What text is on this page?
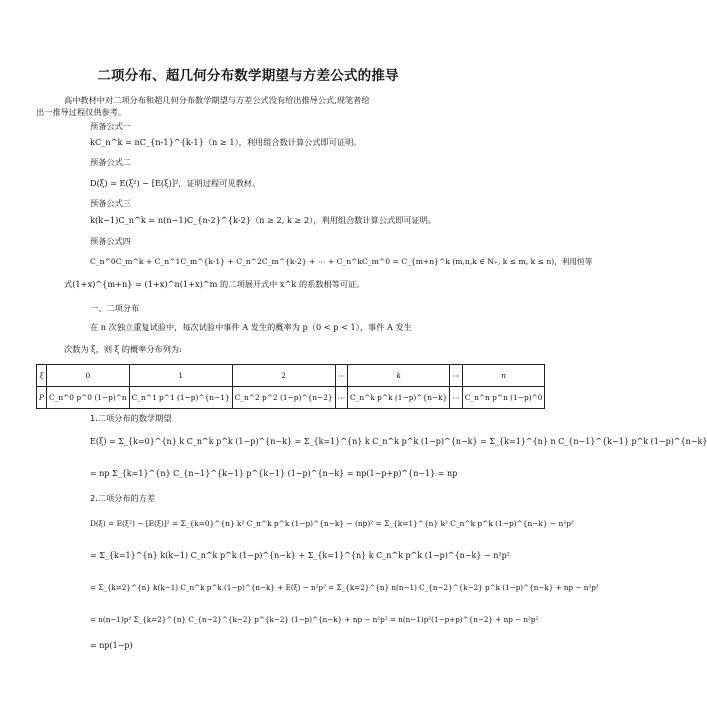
二项分布、超几何分布数学期望与方差公式的推导
高中教材中对二项分布和超几何分布数学期望与方差公式没有给出推导公式,现笔者给
出一推导过程仅供参考。
预备公式一
kC_n^k = nC_{n-1}^{k-1}（n ≥ 1），利用组合数计算公式即可证明。
预备公式二
D(ξ) = E(ξ²) − [E(ξ)]²，证明过程可见教材。
预备公式三
k(k−1)C_n^k = n(n−1)C_{n-2}^{k-2}（n ≥ 2, k ≥ 2），利用组合数计算公式即可证明。
预备公式四
C_n^0C_m^k + C_n^1C_m^{k-1} + C_n^2C_m^{k-2} + ⋯ + C_n^kC_m^0 = C_{m+n}^k (m,n,k ∈ N₊, k ≤ m, k ≤ n)，利用恒等
式(1+x)^{m+n} = (1+x)^n(1+x)^m 的二项展开式中 x^k 的系数相等可证。
一、二项分布
在 n 次独立重复试验中，每次试验中事件 A 发生的概率为 p（0 < p < 1），事件 A 发生
次数为 ξ，则 ξ 的概率分布列为:
ξ	0	1	2	⋯	k	⋯	n
P	C_n^0 p^0 (1−p)^n	C_n^1 p^1 (1−p)^{n−1}	C_n^2 p^2 (1−p)^{n−2}	⋯	C_n^k p^k (1−p)^{n−k}	⋯	C_n^n p^n (1−p)^0
1.二项分布的数学期望
E(ξ) = Σ_{k=0}^{n} k C_n^k p^k (1−p)^{n−k} = Σ_{k=1}^{n} k C_n^k p^k (1−p)^{n−k} = Σ_{k=1}^{n} n C_{n−1}^{k−1} p^k (1−p)^{n−k}
= np Σ_{k=1}^{n} C_{n−1}^{k−1} p^{k−1} (1−p)^{n−k} = np(1−p+p)^{n−1} = np
2.二项分布的方差
D(ξ) = E(ξ²) − [E(ξ)]² = Σ_{k=0}^{n} k² C_n^k p^k (1−p)^{n−k} − (np)² = Σ_{k=1}^{n} k² C_n^k p^k (1−p)^{n−k} − n²p²
= Σ_{k=1}^{n} k(k−1) C_n^k p^k (1−p)^{n−k} + Σ_{k=1}^{n} k C_n^k p^k (1−p)^{n−k} − n²p²
= Σ_{k=2}^{n} k(k−1) C_n^k p^k (1−p)^{n−k} + E(ξ) − n²p² = Σ_{k=2}^{n} n(n−1) C_{n−2}^{k−2} p^k (1−p)^{n−k} + np − n²p²
= n(n−1)p² Σ_{k=2}^{n} C_{n−2}^{k−2} p^{k−2} (1−p)^{n−k} + np − n²p² = n(n−1)p²(1−p+p)^{n−2} + np − n²p²
= np(1−p)
